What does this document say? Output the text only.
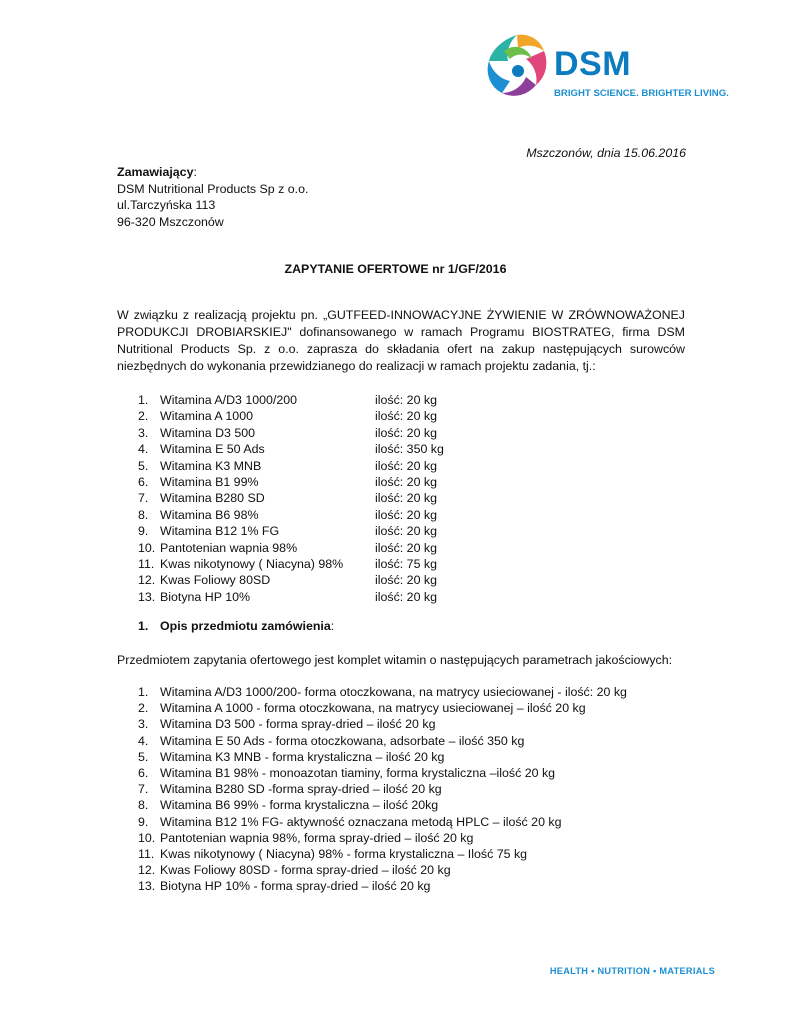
DSM
BRIGHT SCIENCE. BRIGHTER LIVING.
Mszczonów, dnia 15.06.2016
Zamawiający:
DSM Nutritional Products Sp z o.o.
ul.Tarczyńska 113
96-320 Mszczonów
ZAPYTANIE OFERTOWE nr 1/GF/2016
W związku z realizacją projektu pn. „GUTFEED-INNOWACYJNE ŻYWIENIE W ZRÓWNOWAŻONEJ PRODUKCJI DROBIARSKIEJ" dofinansowanego w ramach Programu BIOSTRATEG, firma DSM Nutritional Products Sp. z o.o. zaprasza do składania ofert na zakup następujących surowców niezbędnych do wykonania przewidzianego do realizacji w ramach projektu zadania, tj.:
1. Witamina A/D3 1000/200	ilość: 20 kg
2. Witamina A 1000	ilość: 20 kg
3. Witamina D3 500	ilość: 20 kg
4. Witamina E 50 Ads	ilość: 350 kg
5. Witamina K3 MNB	ilość: 20 kg
6. Witamina B1 99%	ilość: 20 kg
7. Witamina B280 SD	ilość: 20 kg
8. Witamina B6 98%	ilość: 20 kg
9. Witamina B12 1% FG	ilość: 20 kg
10. Pantotenian wapnia 98%	ilość: 20 kg
11. Kwas nikotynowy ( Niacyna) 98%	ilość: 75 kg
12. Kwas Foliowy 80SD	ilość: 20 kg
13. Biotyna HP 10%	ilość: 20 kg
1. Opis przedmiotu zamówienia:
Przedmiotem zapytania ofertowego jest komplet witamin o następujących parametrach jakościowych:
1. Witamina A/D3 1000/200- forma otoczkowana, na matrycy usieciowanej - ilość: 20 kg
2. Witamina A 1000 - forma otoczkowana, na matrycy usieciowanej – ilość 20 kg
3. Witamina D3 500 - forma spray-dried – ilość 20 kg
4. Witamina E 50 Ads - forma otoczkowana, adsorbate – ilość 350 kg
5. Witamina K3 MNB - forma krystaliczna – ilość 20 kg
6. Witamina B1 98% - monoazotan tiaminy, forma krystaliczna –ilość 20 kg
7. Witamina B280 SD -forma spray-dried – ilość 20 kg
8. Witamina B6 99% - forma krystaliczna – ilość 20kg
9. Witamina B12 1% FG- aktywność oznaczana metodą HPLC – ilość 20 kg
10. Pantotenian wapnia 98%, forma spray-dried – ilość 20 kg
11. Kwas nikotynowy ( Niacyna) 98% - forma krystaliczna – Ilość 75 kg
12. Kwas Foliowy 80SD - forma spray-dried – ilość 20 kg
13. Biotyna HP 10% - forma spray-dried – ilość 20 kg
HEALTH • NUTRITION • MATERIALS
